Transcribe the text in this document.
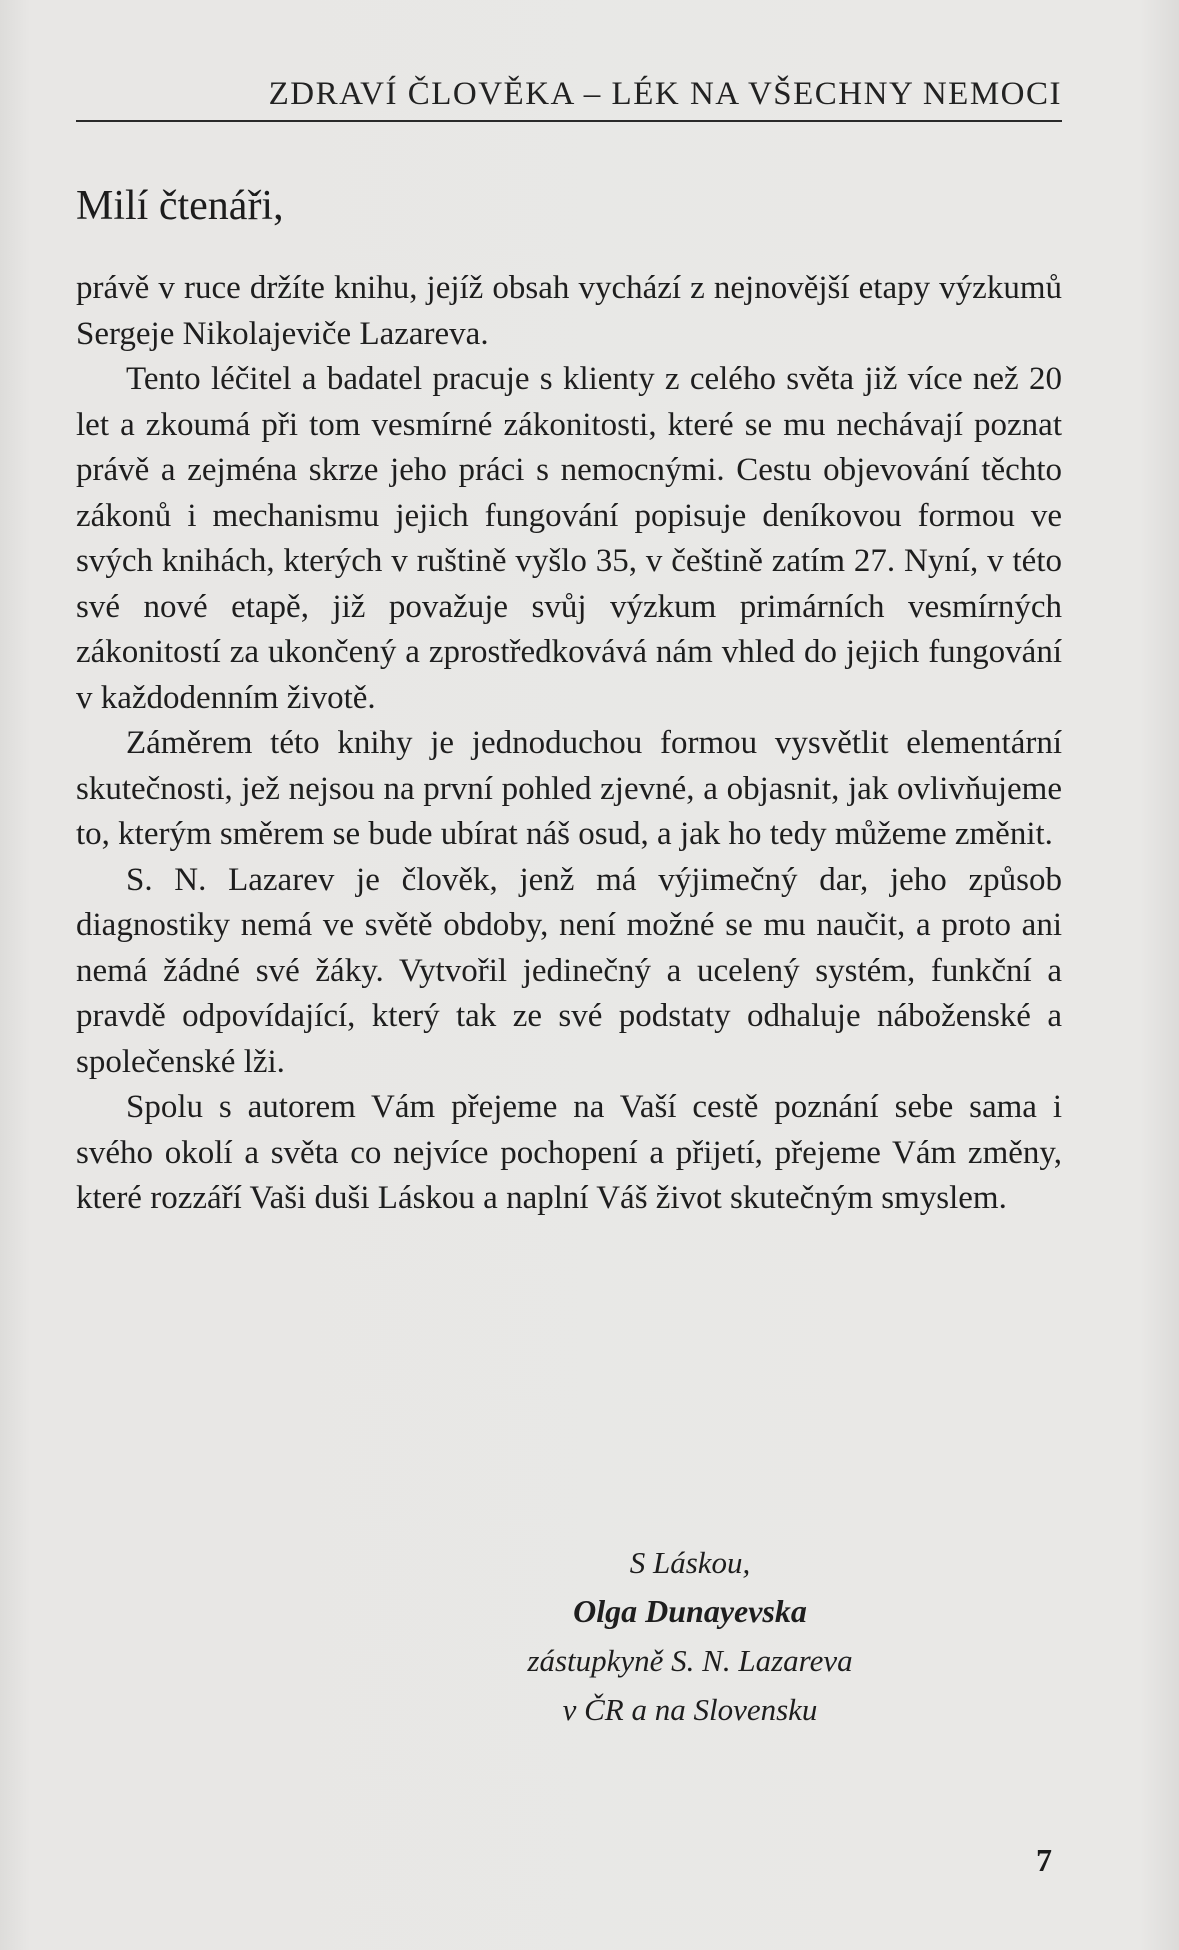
ZDRAVÍ ČLOVĚKA – LÉK NA VŠECHNY NEMOCI
Milí čtenáři,

právě v ruce držíte knihu, jejíž obsah vychází z nejnovější etapy výzkumů Sergeje Nikolajeviče Lazareva.

Tento léčitel a badatel pracuje s klienty z celého světa již více než 20 let a zkoumá při tom vesmírné zákonitosti, které se mu nechávají poznat právě a zejména skrze jeho práci s nemocnými. Cestu objevování těchto zákonů i mechanismu jejich fungování popisuje deníkovou formou ve svých knihách, kterých v ruštině vyšlo 35, v češtině zatím 27. Nyní, v této své nové etapě, již považuje svůj výzkum primárních vesmírných zákonitostí za ukončený a zprostředkovává nám vhled do jejich fungování v každodenním životě.

Záměrem této knihy je jednoduchou formou vysvětlit elementární skutečnosti, jež nejsou na první pohled zjevné, a objasnit, jak ovlivňujeme to, kterým směrem se bude ubírat náš osud, a jak ho tedy můžeme změnit.

S. N. Lazarev je člověk, jenž má výjimečný dar, jeho způsob diagnostiky nemá ve světě obdoby, není možné se mu naučit, a proto ani nemá žádné své žáky. Vytvořil jedinečný a ucelený systém, funkční a pravdě odpovídající, který tak ze své podstaty odhaluje náboženské a společenské lži.

Spolu s autorem Vám přejeme na Vaší cestě poznání sebe sama i svého okolí a světa co nejvíce pochopení a přijetí, přejeme Vám změny, které rozzáří Vaši duši Láskou a naplní Váš život skutečným smyslem.

S Láskou,
Olga Dunayevska
zástupkyně S. N. Lazareva
v ČR a na Slovensku
7
